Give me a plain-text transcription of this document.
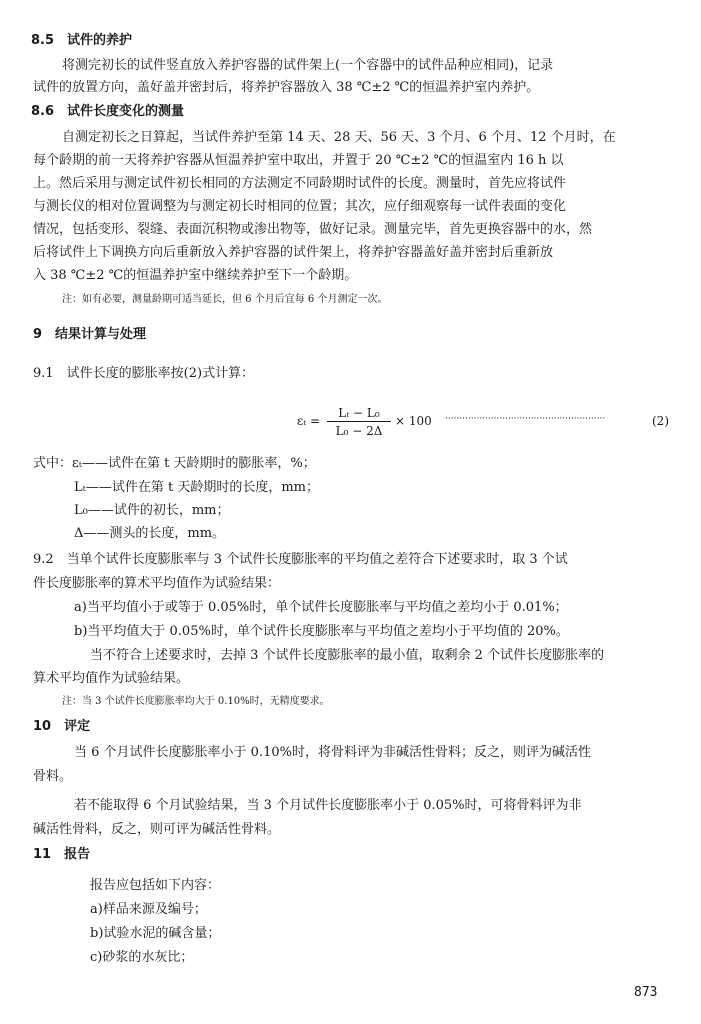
8.5　试件的养护
将测完初长的试件竖直放入养护容器的试件架上(一个容器中的试件品种应相同)，记录
试件的放置方向，盖好盖并密封后，将养护容器放入 38 ℃±2 ℃的恒温养护室内养护。
8.6　试件长度变化的测量
自测定初长之日算起，当试件养护至第 14 天、28 天、56 天、3 个月、6 个月、12 个月时，在
每个龄期的前一天将养护容器从恒温养护室中取出，并置于 20 ℃±2 ℃的恒温室内 16 h 以
上。然后采用与测定试件初长相同的方法测定不同龄期时试件的长度。测量时，首先应将试件
与测长仪的相对位置调整为与测定初长时相同的位置；其次，应仔细观察每一试件表面的变化
情况，包括变形、裂缝、表面沉积物或渗出物等，做好记录。测量完毕，首先更换容器中的水，然
后将试件上下调换方向后重新放入养护容器的试件架上，将养护容器盖好盖并密封后重新放
入 38 ℃±2 ℃的恒温养护室中继续养护至下一个龄期。
注：如有必要，测量龄期可适当延长，但 6 个月后宜每 6 个月测定一次。
9　结果计算与处理
9.1　试件长度的膨胀率按(2)式计算：
εₜ =
Lₜ − L₀
L₀ − 2Δ
× 100 ························································	(2)
式中：εₜ——试件在第 t 天龄期时的膨胀率，%；
Lₜ——试件在第 t 天龄期时的长度，mm；
L₀——试件的初长，mm；
Δ——测头的长度，mm。
9.2　当单个试件长度膨胀率与 3 个试件长度膨胀率的平均值之差符合下述要求时，取 3 个试
件长度膨胀率的算术平均值作为试验结果：
a)当平均值小于或等于 0.05%时，单个试件长度膨胀率与平均值之差均小于 0.01%；
b)当平均值大于 0.05%时，单个试件长度膨胀率与平均值之差均小于平均值的 20%。
当不符合上述要求时，去掉 3 个试件长度膨胀率的最小值，取剩余 2 个试件长度膨胀率的
算术平均值作为试验结果。
注：当 3 个试件长度膨胀率均大于 0.10%时，无精度要求。
10　评定
当 6 个月试件长度膨胀率小于 0.10%时，将骨料评为非碱活性骨料；反之，则评为碱活性
骨料。
若不能取得 6 个月试验结果，当 3 个月试件长度膨胀率小于 0.05%时，可将骨料评为非
碱活性骨料，反之，则可评为碱活性骨料。
11　报告
报告应包括如下内容：
a)样品来源及编号；
b)试验水泥的碱含量；
c)砂浆的水灰比；
873
